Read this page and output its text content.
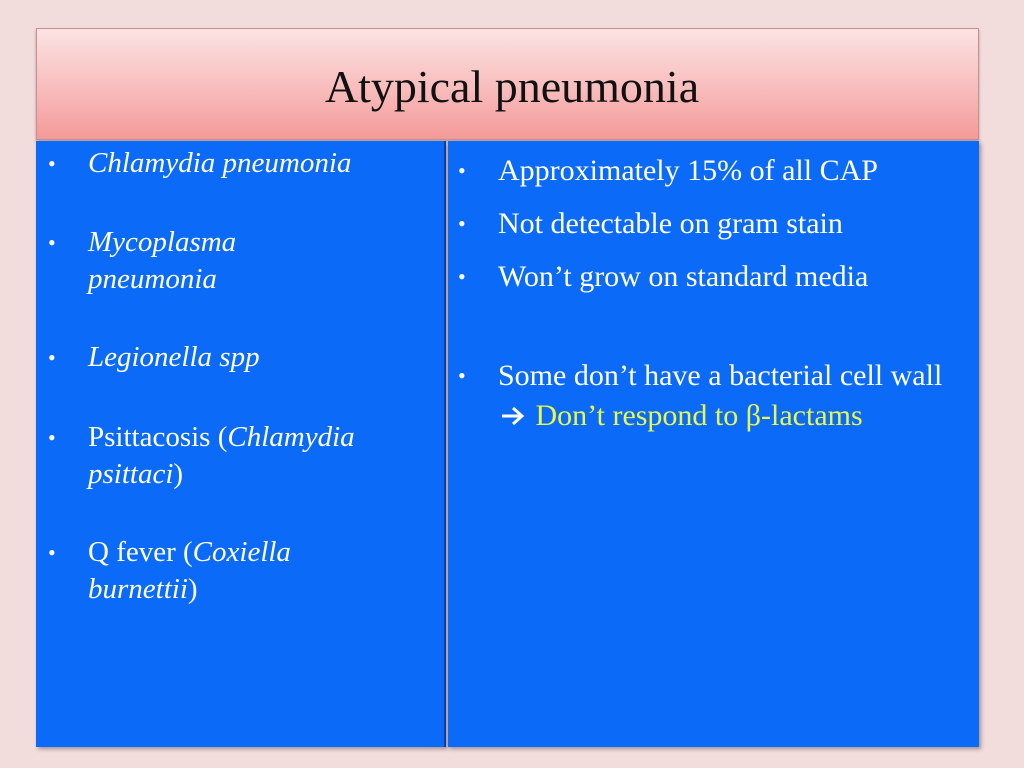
Atypical pneumonia
• Chlamydia pneumonia
• Mycoplasma pneumonia
• Legionella spp
• Psittacosis (Chlamydia psittaci)
• Q fever (Coxiella burnettii)
• Approximately 15% of all CAP
• Not detectable on gram stain
• Won’t grow on standard media
• Some don’t have a bacterial cell wall  Don’t respond to β-lactams
